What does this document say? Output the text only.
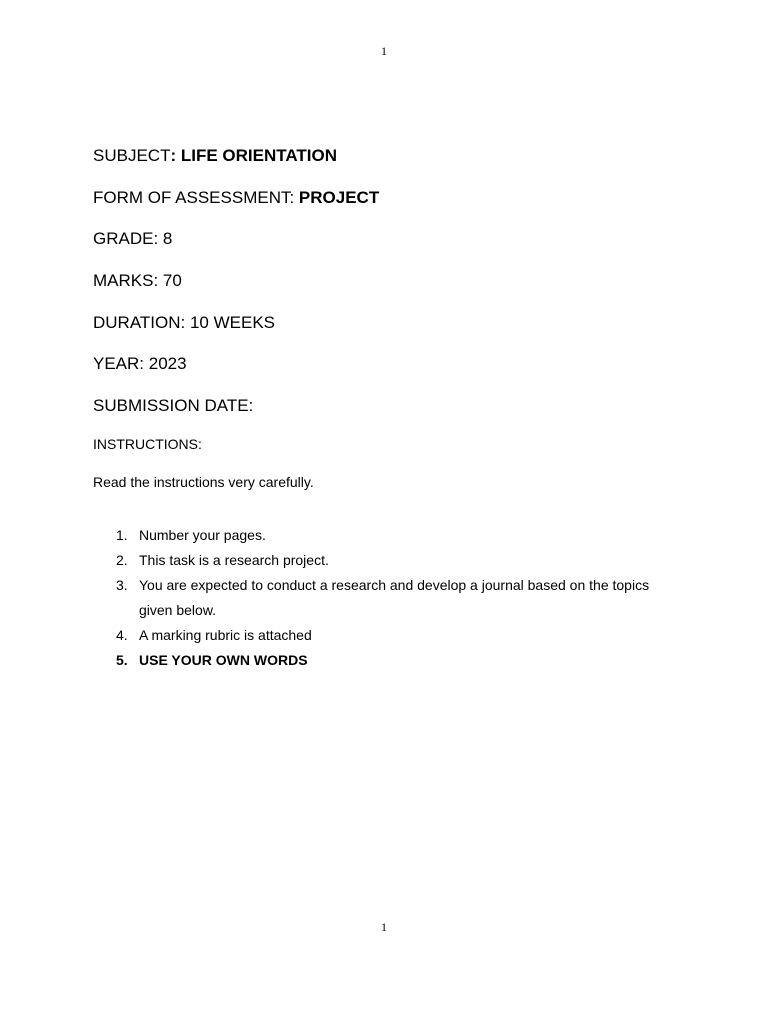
1
SUBJECT: LIFE ORIENTATION
FORM OF ASSESSMENT: PROJECT
GRADE: 8
MARKS: 70
DURATION: 10 WEEKS
YEAR: 2023
SUBMISSION DATE:
INSTRUCTIONS:
Read the instructions very carefully.
1. Number your pages.
2. This task is a research project.
3. You are expected to conduct a research and develop a journal based on the topics given below.
4. A marking rubric is attached
5. USE YOUR OWN WORDS
1
